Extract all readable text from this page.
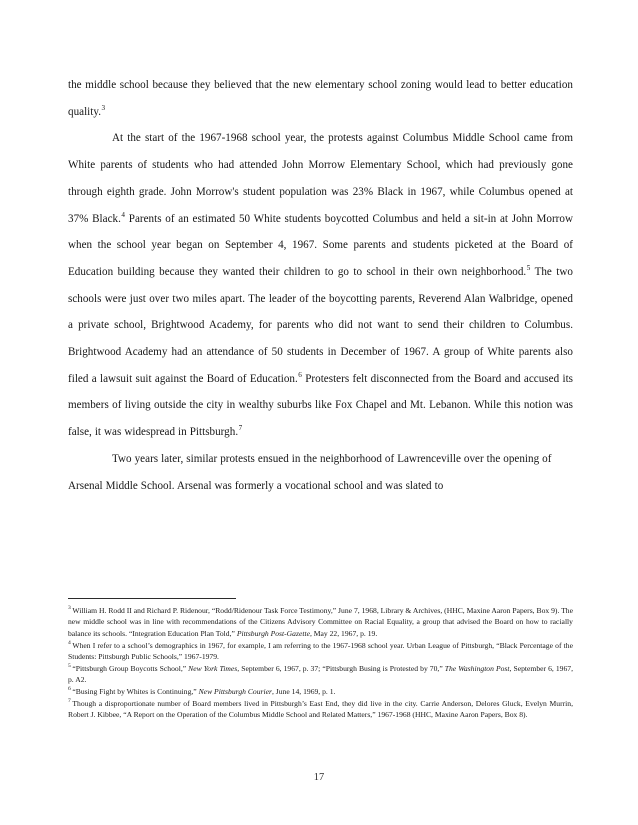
the middle school because they believed that the new elementary school zoning would lead to better education quality.$^3$

At the start of the 1967-1968 school year, the protests against Columbus Middle School came from White parents of students who had attended John Morrow Elementary School, which had previously gone through eighth grade. John Morrow's student population was 23% Black in 1967, while Columbus opened at 37% Black.$^4$ Parents of an estimated 50 White students boycotted Columbus and held a sit-in at John Morrow when the school year began on September 4, 1967. Some parents and students picketed at the Board of Education building because they wanted their children to go to school in their own neighborhood.$^5$ The two schools were just over two miles apart. The leader of the boycotting parents, Reverend Alan Walbridge, opened a private school, Brightwood Academy, for parents who did not want to send their children to Columbus. Brightwood Academy had an attendance of 50 students in December of 1967. A group of White parents also filed a lawsuit suit against the Board of Education.$^6$ Protesters felt disconnected from the Board and accused its members of living outside the city in wealthy suburbs like Fox Chapel and Mt. Lebanon. While this notion was false, it was widespread in Pittsburgh.$^7$

Two years later, similar protests ensued in the neighborhood of Lawrenceville over the opening of Arsenal Middle School. Arsenal was formerly a vocational school and was slated to

$^3$ William H. Rodd II and Richard P. Ridenour, “Rodd/Ridenour Task Force Testimony,” June 7, 1968, Library & Archives, (HHC, Maxine Aaron Papers, Box 9). The new middle school was in line with recommendations of the Citizens Advisory Committee on Racial Equality, a group that advised the Board on how to racially balance its schools. “Integration Education Plan Told,” Pittsburgh Post-Gazette, May 22, 1967, p. 19.

$^4$ When I refer to a school’s demographics in 1967, for example, I am referring to the 1967-1968 school year. Urban League of Pittsburgh, “Black Percentage of the Students: Pittsburgh Public Schools,” 1967-1979.

$^5$ “Pittsburgh Group Boycotts School,” New York Times, September 6, 1967, p. 37; “Pittsburgh Busing is Protested by 70,” The Washington Post, September 6, 1967, p. A2.

$^6$ “Busing Fight by Whites is Continuing,” New Pittsburgh Courier, June 14, 1969, p. 1.

$^7$ Though a disproportionate number of Board members lived in Pittsburgh’s East End, they did live in the city. Carrie Anderson, Delores Gluck, Evelyn Murrin, Robert J. Kibbee, “A Report on the Operation of the Columbus Middle School and Related Matters,” 1967-1968 (HHC, Maxine Aaron Papers, Box 8).

17
